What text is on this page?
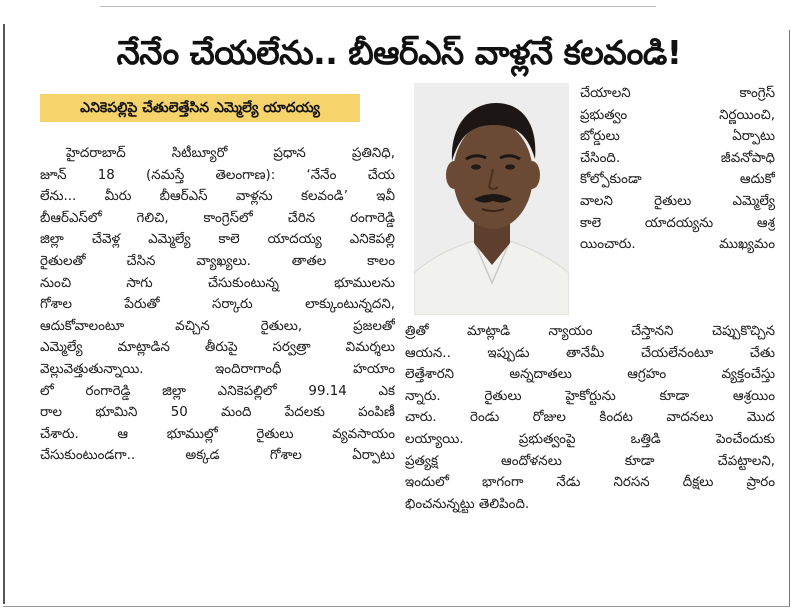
నేనేం చేయలేను.. బీఆర్ఎస్ వాళ్లనే కలవండి!
ఎనికెపల్లిపై చేతులెత్తేసిన ఎమ్మెల్యే యాదయ్య
హైదరాబాద్ సిటీబ్యూరో ప్రధాన ప్రతినిధి,
జూన్ 18 (నమస్తే తెలంగాణ): ‘నేనేం చేయ
లేను... మీరు బీఆర్ఎస్ వాళ్లను కలవండి’ ఇవీ
బీఆర్ఎస్‌లో గెలిచి, కాంగ్రెస్‌లో చేరిన రంగారెడ్డి
జిల్లా చేవెళ్ల ఎమ్మెల్యే కాలె యాదయ్య ఎనికెపల్లి
రైతులతో చేసిన వ్యాఖ్యలు. తాతల కాలం
నుంచి సాగు చేసుకుంటున్న భూములను
గోశాల పేరుతో సర్కారు లాక్కుంటున్నదని,
ఆదుకోవాలంటూ వచ్చిన రైతులు, ప్రజలతో
ఎమ్మెల్యే మాట్లాడిన తీరుపై సర్వత్రా విమర్శలు
వెల్లువెత్తుతున్నాయి. ఇందిరాగాంధీ హయాం
లో రంగారెడ్డి జిల్లా ఎనికెపల్లిలో 99.14 ఎక
రాల భూమిని 50 మంది పేదలకు పంపిణీ
చేశారు. ఆ భూముల్లో రైతులు వ్యవసాయం
చేసుకుంటుండగా.. అక్కడ గోశాల ఏర్పాటు
చేయాలని కాంగ్రెస్
ప్రభుత్వం నిర్ణయించి,
బోర్డులు ఏర్పాటు
చేసింది. జీవనోపాధి
కోల్పోకుండా ఆదుకో
వాలని రైతులు ఎమ్మెల్యే
కాలె యాదయ్యను ఆశ్ర
యించారు. ముఖ్యమం
త్రితో మాట్లాడి న్యాయం చేస్తానని చెప్పుకొచ్చిన
ఆయన.. ఇప్పుడు తానేమీ చేయలేనంటూ చేతు
లెత్తేశారని అన్నదాతలు ఆగ్రహం వ్యక్తంచేస్తు
న్నారు. రైతులు హైకోర్టును కూడా ఆశ్రయిం
చారు. రెండు రోజుల కిందట వాదనలు మొద
లయ్యాయి. ప్రభుత్వంపై ఒత్తిడి పెంచేందుకు
ప్రత్యక్ష ఆందోళనలు కూడా చేపట్టాలని,
ఇందులో భాగంగా నేడు నిరసన దీక్షలు ప్రారం
భించనున్నట్టు తెలిపింది.
